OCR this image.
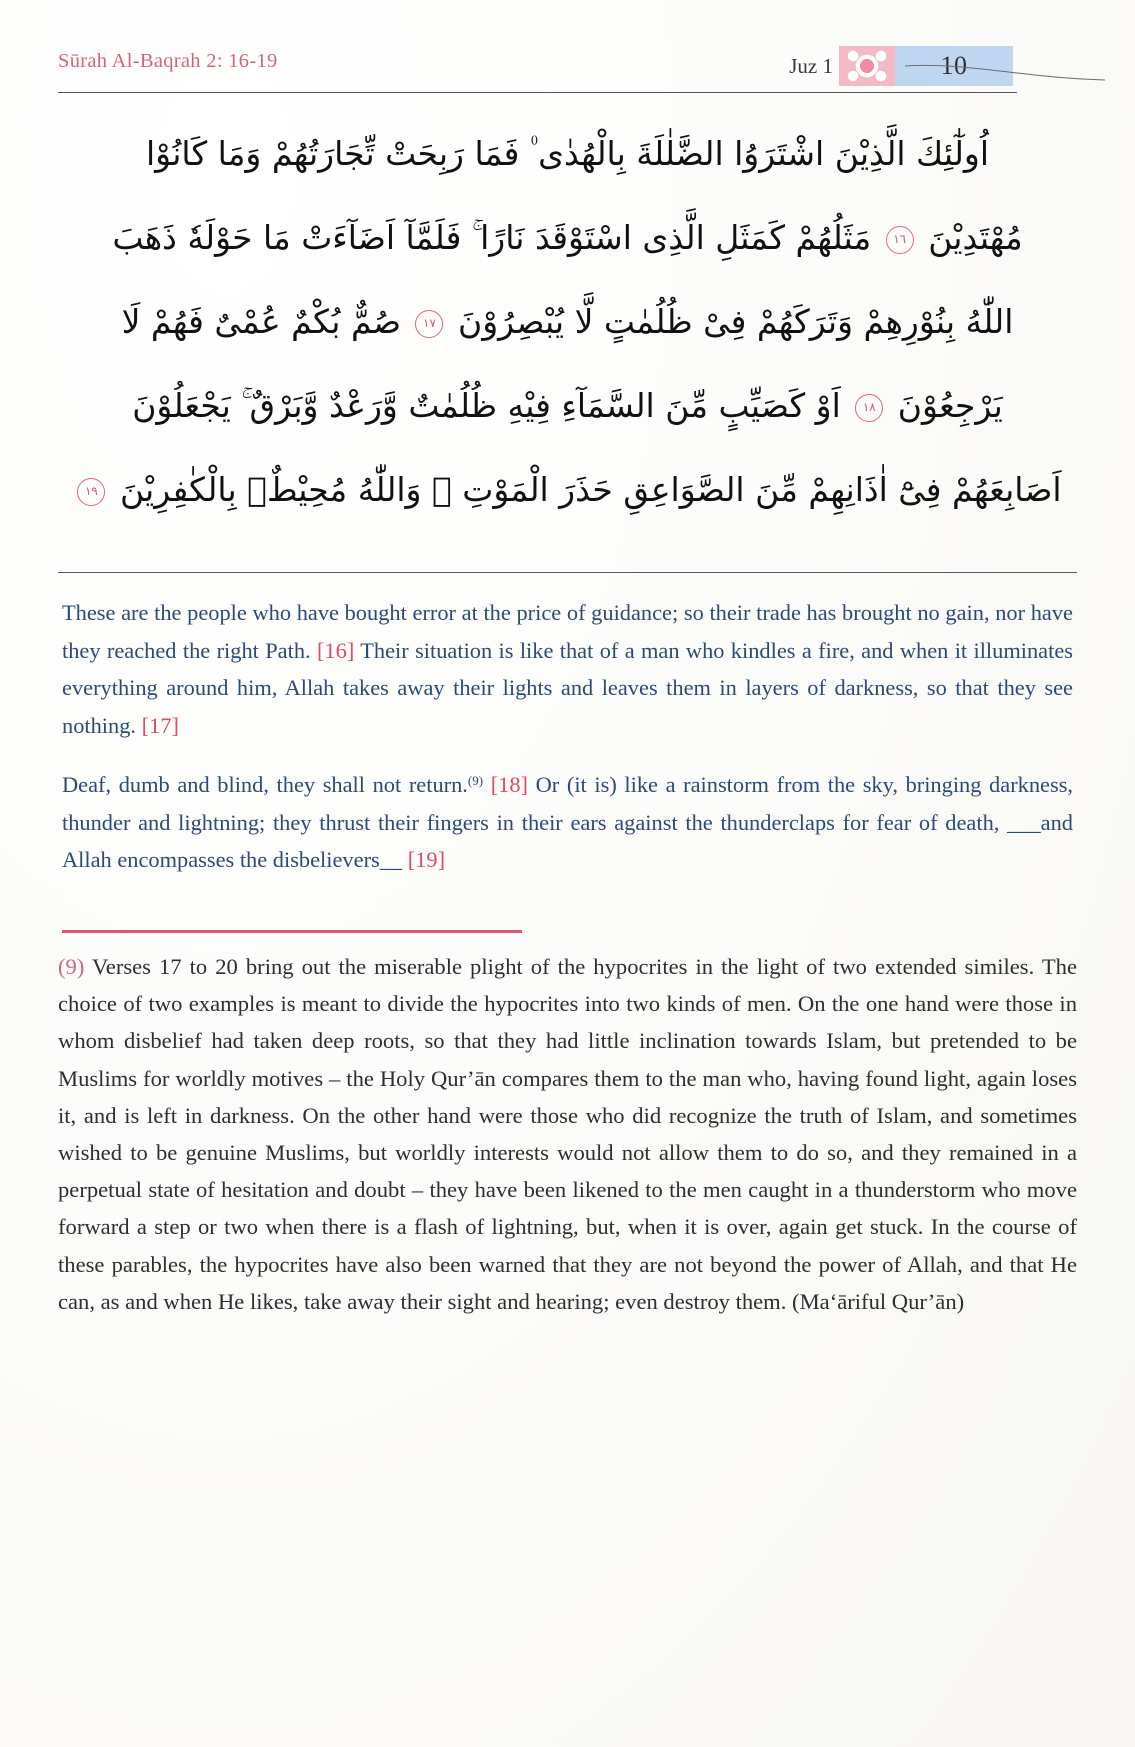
Sūrah Al-Baqrah 2: 16-19	Juz 1	10
اُولٰٓئِكَ الَّذِيْنَ اشْتَرَوُا الضَّلٰلَةَ بِالْهُدٰى ۠ فَمَا رَبِحَتْ تِّجَارَتُهُمْ وَمَا كَانُوْا
مُهْتَدِيْنَ ١٦ مَثَلُهُمْ كَمَثَلِ الَّذِى اسْتَوْقَدَ نَارًا ۚ فَلَمَّآ اَضَآءَتْ مَا حَوْلَهٗ ذَهَبَ
اللّٰهُ بِنُوْرِهِمْ وَتَرَكَهُمْ فِىْ ظُلُمٰتٍ لَّا يُبْصِرُوْنَ ١٧ صُمٌّ بُكْمٌ عُمْىٌ فَهُمْ لَا
يَرْجِعُوْنَ ١٨ اَوْ كَصَيِّبٍ مِّنَ السَّمَآءِ فِيْهِ ظُلُمٰتٌ وَّرَعْدٌ وَّبَرْقٌ ۚ يَجْعَلُوْنَ
اَصَابِعَهُمْ فِىْٓ اٰذَانِهِمْ مِّنَ الصَّوَاعِقِ حَذَرَ الْمَوْتِ ۗ وَاللّٰهُ مُحِيْطٌۢ بِالْكٰفِرِيْنَ ١٩

These are the people who have bought error at the price of guidance; so their trade has brought no gain, nor have they reached the right Path. [16] Their situation is like that of a man who kindles a fire, and when it illuminates everything around him, Allah takes away their lights and leaves them in layers of darkness, so that they see nothing. [17]

Deaf, dumb and blind, they shall not return.$^{(9)}$ [18] Or (it is) like a rainstorm from the sky, bringing darkness, thunder and lightning; they thrust their fingers in their ears against the thunderclaps for fear of death, ___and Allah encompasses the disbelievers__ [19]

(9) Verses 17 to 20 bring out the miserable plight of the hypocrites in the light of two extended similes. The choice of two examples is meant to divide the hypocrites into two kinds of men. On the one hand were those in whom disbelief had taken deep roots, so that they had little inclination towards Islam, but pretended to be Muslims for worldly motives – the Holy Qur’ān compares them to the man who, having found light, again loses it, and is left in darkness. On the other hand were those who did recognize the truth of Islam, and sometimes wished to be genuine Muslims, but worldly interests would not allow them to do so, and they remained in a perpetual state of hesitation and doubt – they have been likened to the men caught in a thunderstorm who move forward a step or two when there is a flash of lightning, but, when it is over, again get stuck. In the course of these parables, the hypocrites have also been warned that they are not beyond the power of Allah, and that He can, as and when He likes, take away their sight and hearing; even destroy them. (Ma‘āriful Qur’ān)
